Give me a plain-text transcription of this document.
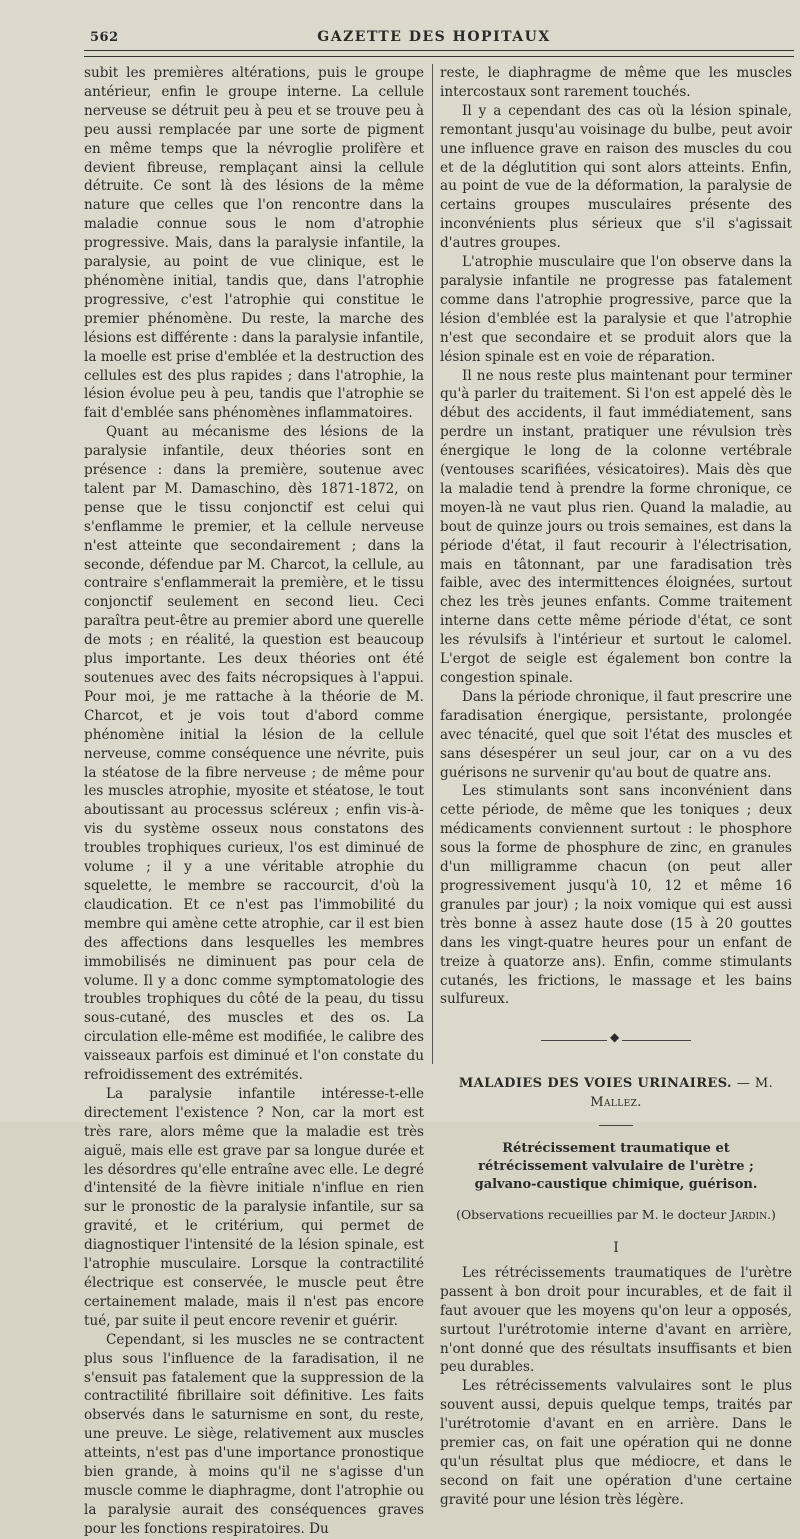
562	GAZETTE DES HOPITAUX

subit les premières altérations, puis le groupe antérieur, enfin le groupe interne. La cellule nerveuse se détruit peu à peu et se trouve peu à peu aussi remplacée par une sorte de pigment en même temps que la névroglie prolifère et devient fibreuse, remplaçant ainsi la cellule détruite. Ce sont là des lésions de la même nature que celles que l'on rencontre dans la maladie connue sous le nom d'atrophie progressive. Mais, dans la paralysie infantile, la paralysie, au point de vue clinique, est le phénomène initial, tandis que, dans l'atrophie progressive, c'est l'atrophie qui constitue le premier phénomène. Du reste, la marche des lésions est différente : dans la paralysie infantile, la moelle est prise d'emblée et la destruction des cellules est des plus rapides ; dans l'atrophie, la lésion évolue peu à peu, tandis que l'atrophie se fait d'emblée sans phénomènes inflammatoires.

Quant au mécanisme des lésions de la paralysie infantile, deux théories sont en présence : dans la première, soutenue avec talent par M. Damaschino, dès 1871-1872, on pense que le tissu conjonctif est celui qui s'enflamme le premier, et la cellule nerveuse n'est atteinte que secondairement ; dans la seconde, défendue par M. Charcot, la cellule, au contraire s'enflammerait la première, et le tissu conjonctif seulement en second lieu. Ceci paraîtra peut-être au premier abord une querelle de mots ; en réalité, la question est beaucoup plus importante. Les deux théories ont été soutenues avec des faits nécropsiques à l'appui. Pour moi, je me rattache à la théorie de M. Charcot, et je vois tout d'abord comme phénomène initial la lésion de la cellule nerveuse, comme conséquence une névrite, puis la stéatose de la fibre nerveuse ; de même pour les muscles atrophie, myosite et stéatose, le tout aboutissant au processus scléreux ; enfin vis-à-vis du système osseux nous constatons des troubles trophiques curieux, l'os est diminué de volume ; il y a une véritable atrophie du squelette, le membre se raccourcit, d'où la claudication. Et ce n'est pas l'immobilité du membre qui amène cette atrophie, car il est bien des affections dans lesquelles les membres immobilisés ne diminuent pas pour cela de volume. Il y a donc comme symptomatologie des troubles trophiques du côté de la peau, du tissu sous-cutané, des muscles et des os. La circulation elle-même est modifiée, le calibre des vaisseaux parfois est diminué et l'on constate du refroidissement des extrémités.

La paralysie infantile intéresse-t-elle directement l'existence ? Non, car la mort est très rare, alors même que la maladie est très aiguë, mais elle est grave par sa longue durée et les désordres qu'elle entraîne avec elle. Le degré d'intensité de la fièvre initiale n'influe en rien sur le pronostic de la paralysie infantile, sur sa gravité, et le critérium, qui permet de diagnostiquer l'intensité de la lésion spinale, est l'atrophie musculaire. Lorsque la contractilité électrique est conservée, le muscle peut être certainement malade, mais il n'est pas encore tué, par suite il peut encore revenir et guérir.

Cependant, si les muscles ne se contractent plus sous l'influence de la faradisation, il ne s'ensuit pas fatalement que la suppression de la contractilité fibrillaire soit définitive. Les faits observés dans le saturnisme en sont, du reste, une preuve. Le siège, relativement aux muscles atteints, n'est pas d'une importance pronostique bien grande, à moins qu'il ne s'agisse d'un muscle comme le diaphragme, dont l'atrophie ou la paralysie aurait des conséquences graves pour les fonctions respiratoires. Du

reste, le diaphragme de même que les muscles intercostaux sont rarement touchés.

Il y a cependant des cas où la lésion spinale, remontant jusqu'au voisinage du bulbe, peut avoir une influence grave en raison des muscles du cou et de la déglutition qui sont alors atteints. Enfin, au point de vue de la déformation, la paralysie de certains groupes musculaires présente des inconvénients plus sérieux que s'il s'agissait d'autres groupes.

L'atrophie musculaire que l'on observe dans la paralysie infantile ne progresse pas fatalement comme dans l'atrophie progressive, parce que la lésion d'emblée est la paralysie et que l'atrophie n'est que secondaire et se produit alors que la lésion spinale est en voie de réparation.

Il ne nous reste plus maintenant pour terminer qu'à parler du traitement. Si l'on est appelé dès le début des accidents, il faut immédiatement, sans perdre un instant, pratiquer une révulsion très énergique le long de la colonne vertébrale (ventouses scarifiées, vésicatoires). Mais dès que la maladie tend à prendre la forme chronique, ce moyen-là ne vaut plus rien. Quand la maladie, au bout de quinze jours ou trois semaines, est dans la période d'état, il faut recourir à l'électrisation, mais en tâtonnant, par une faradisation très faible, avec des intermittences éloignées, surtout chez les très jeunes enfants. Comme traitement interne dans cette même période d'état, ce sont les révulsifs à l'intérieur et surtout le calomel. L'ergot de seigle est également bon contre la congestion spinale.

Dans la période chronique, il faut prescrire une faradisation énergique, persistante, prolongée avec ténacité, quel que soit l'état des muscles et sans désespérer un seul jour, car on a vu des guérisons ne survenir qu'au bout de quatre ans.

Les stimulants sont sans inconvénient dans cette période, de même que les toniques ; deux médicaments conviennent surtout : le phosphore sous la forme de phosphure de zinc, en granules d'un milligramme chacun (on peut aller progressivement jusqu'à 10, 12 et même 16 granules par jour) ; la noix vomique qui est aussi très bonne à assez haute dose (15 à 20 gouttes dans les vingt-quatre heures pour un enfant de treize à quatorze ans). Enfin, comme stimulants cutanés, les frictions, le massage et les bains sulfureux.

◆
MALADIES DES VOIES URINAIRES. — M. Mallez.
Rétrécissement traumatique et rétrécissement valvulaire de l'urètre ; galvano-caustique chimique, guérison.
(Observations recueillies par M. le docteur Jardin.)
I

Les rétrécissements traumatiques de l'urètre passent à bon droit pour incurables, et de fait il faut avouer que les moyens qu'on leur a opposés, surtout l'urétrotomie interne d'avant en arrière, n'ont donné que des résultats insuffisants et bien peu durables.

Les rétrécissements valvulaires sont le plus souvent aussi, depuis quelque temps, traités par l'urétrotomie d'avant en en arrière. Dans le premier cas, on fait une opération qui ne donne qu'un résultat plus que médiocre, et dans le second on fait une opération d'une certaine gravité pour une lésion très légère.
